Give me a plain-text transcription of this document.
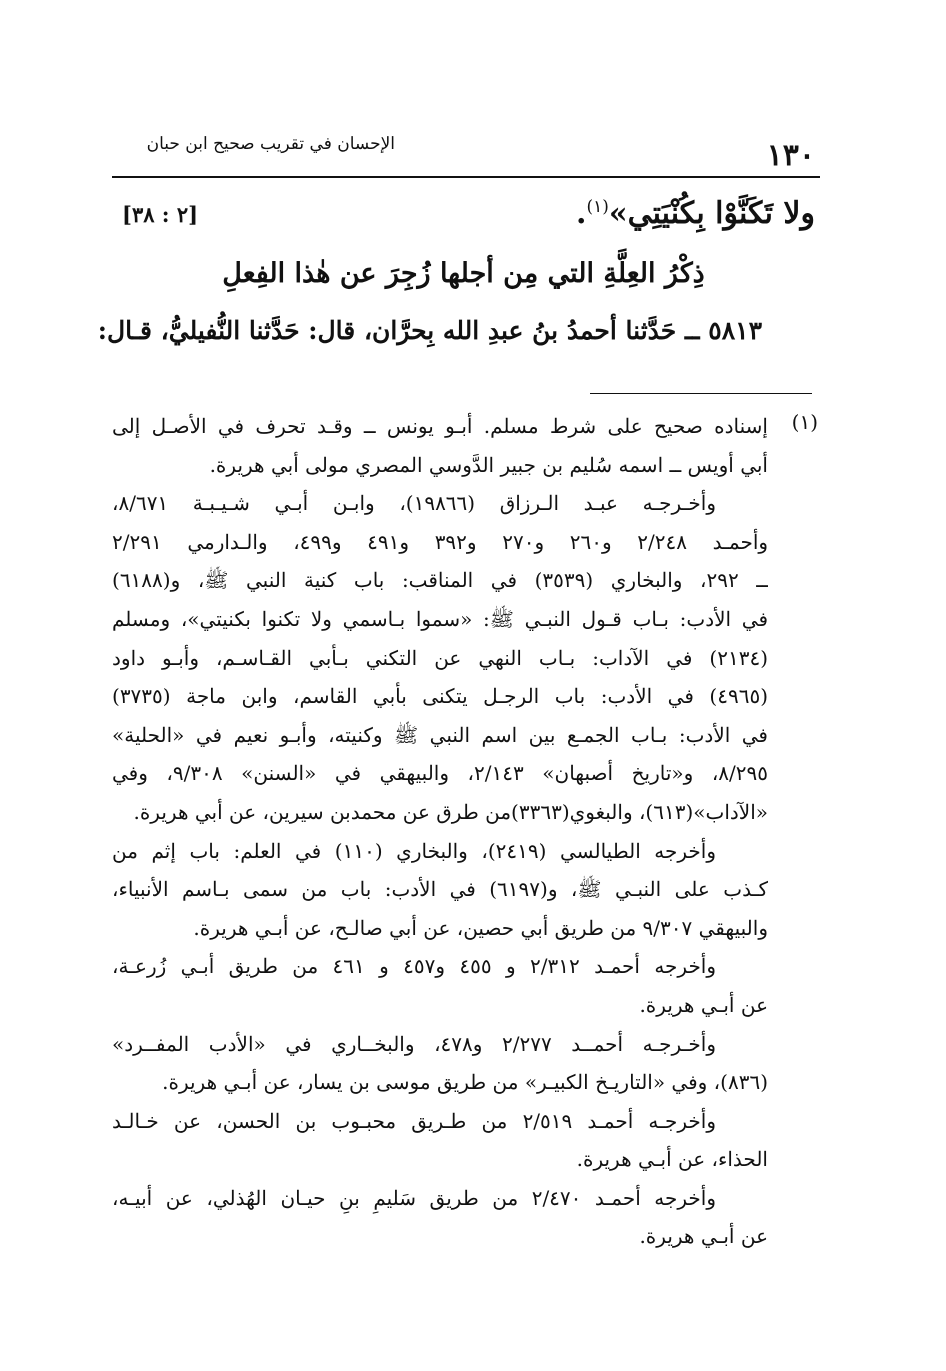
١٣٠
الإحسان في تقريب صحيح ابن حبان
ولا تَكَنَّوْا بِكُنْيَتِي»$^{(١)}$.
[٢ : ٣٨]
ذِكْرُ العِلَّةِ التي مِن أجلها زُجِرَ عن هٰذا الفِعلِ
٥٨١٣ ــ حَدَّثنا أحمدُ بنُ عبدِ الله بِحرَّان، قال: حَدَّثنا النُّفيليُّ، قـال:
(١)
إسناده صحيح على شرط مسلم. أبـو يونس ــ وقـد تحرف في الأصـل إلى
أبي أويس ــ اسمه سُليم بن جبير الدَّوسي المصري مولى أبي هريرة.
وأخـرجـه عبـد الـرزاق (١٩٨٦٦)، وابـن أبـي شـيـبـة ٨/٦٧١،
وأحمـد ٢/٢٤٨ و٢٦٠ و٢٧٠ و٣٩٢ و٤٩١ و٤٩٩، والـدارمي ٢/٢٩١
ــ ٢٩٢، والبخاري (٣٥٣٩) في المناقب: باب كنية النبي ﷺ، و(٦١٨٨)
في الأدب: بـاب قـول النبـي ﷺ: «سموا بـاسمي ولا تكنوا بكنيتي»، ومسلم
(٢١٣٤) في الآداب: بـاب النهي عن التكني بـأبي القـاسـم، وأبـو داود
(٤٩٦٥) في الأدب: باب الرجـل يتكنى بأبي القاسم، وابن ماجة (٣٧٣٥)
في الأدب: بـاب الجمـع بين اسم النبي ﷺ وكنيته، وأبـو نعيم في «الحلية»
٨/٢٩٥، و«تاريخ أصبهان» ٢/١٤٣، والبيهقي في «السنن» ٩/٣٠٨، وفي
«الآداب»(٦١٣)، والبغوي(٣٣٦٣)من طرق عن محمدبن سيرين، عن أبي هريرة.
وأخرجه الطيالسي (٢٤١٩)، والبخاري (١١٠) في العلم: باب إثم من
كـذب على النبـي ﷺ، و(٦١٩٧) في الأدب: باب من سمى بـاسم الأنبياء،
والبيهقي ٩/٣٠٧ من طريق أبي حصين، عن أبي صالـح، عن أبـي هريرة.
وأخرجه أحمـد ٢/٣١٢ و ٤٥٥ و٤٥٧ و ٤٦١ من طريق أبـي زُرعـة،
عن أبـي هريرة.
وأخـرجـه أحمــد ٢/٢٧٧ و٤٧٨، والبخــاري في «الأدب المفــرد»
(٨٣٦)، وفي «التاريـخ الكبيـر» من طريق موسى بن يسار، عن أبـي هريرة.
وأخرجـه أحمـد ٢/٥١٩ من طـريق محبـوب بن الحسن، عن خـالـد
الحذاء، عن أبـي هريرة.
وأخرجه أحمـد ٢/٤٧٠ من طريق سَليمِ بنِ حيـان الهُذلي، عن أبيـه،
عن أبـي هريرة.
